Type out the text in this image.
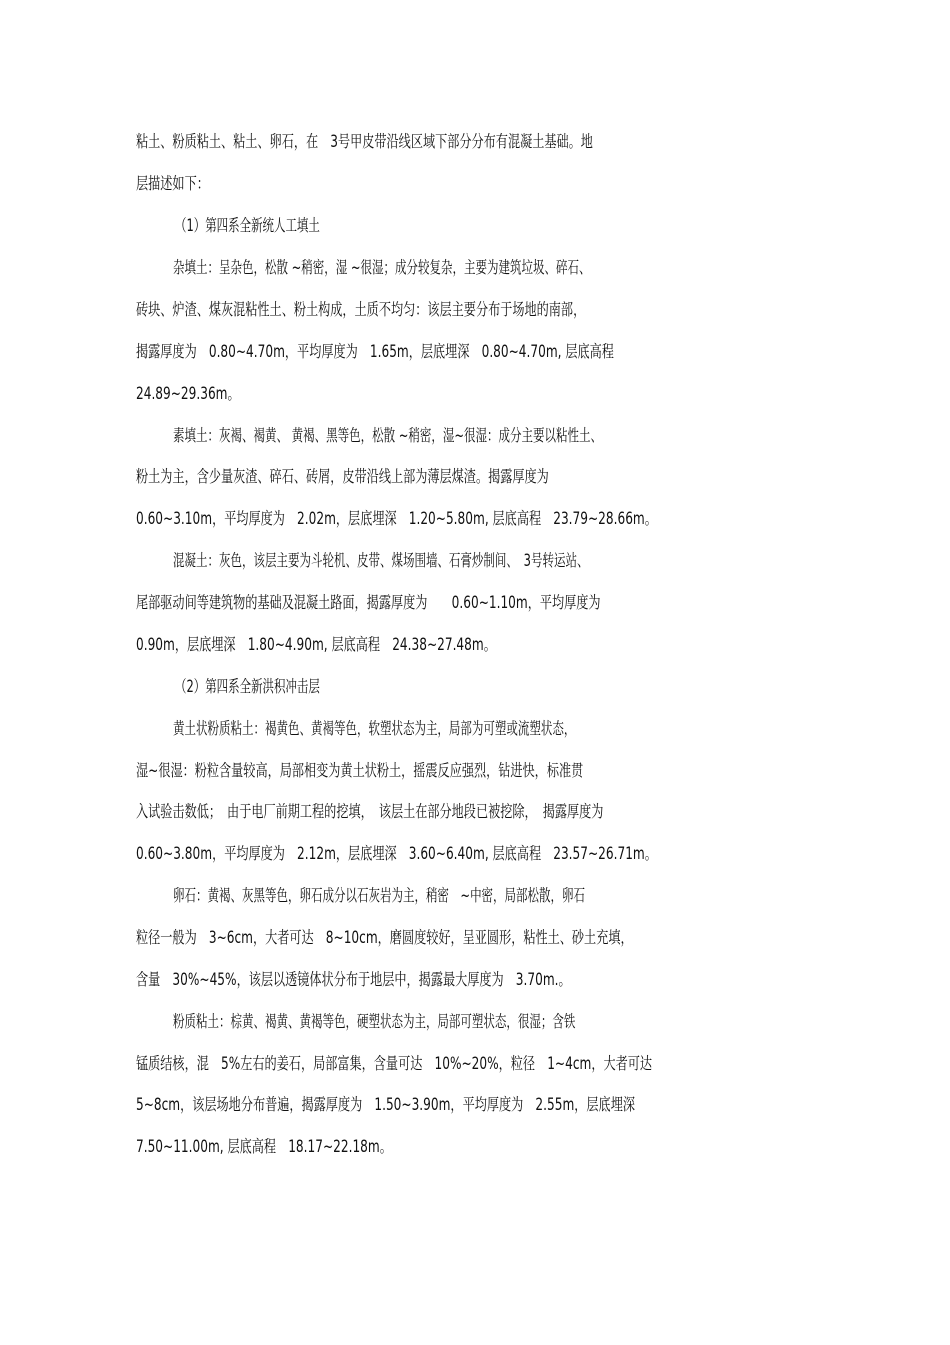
粘土、粉质粘土、粘土、卵石，在　3号甲皮带沿线区域下部分分布有混凝土基础。地
层描述如下：
（1）第四系全新统人工填土
杂填土：呈杂色，松散 ~稍密，湿 ~很湿；成分较复杂，主要为建筑垃圾、碎石、
砖块、炉渣、煤灰混粘性土、粉土构成，土质不均匀：该层主要分布于场地的南部，
揭露厚度为　0.80~4.70m，平均厚度为　1.65m，层底埋深　0.80~4.70m, 层底高程
24.89~29.36m。
素填土：灰褐、褐黄、 黄褐、黑等色，松散 ~稍密，湿~很湿：成分主要以粘性土、
粉土为主，含少量灰渣、碎石、砖屑，皮带沿线上部为薄层煤渣。揭露厚度为
0.60~3.10m，平均厚度为　2.02m，层底埋深　1.20~5.80m, 层底高程　23.79~28.66m。
混凝土：灰色，该层主要为斗轮机、皮带、煤场围墙、石膏炒制间、　3号转运站、
尾部驱动间等建筑物的基础及混凝土路面，揭露厚度为　　0.60~1.10m，平均厚度为
0.90m，层底埋深　1.80~4.90m, 层底高程　24.38~27.48m。
（2）第四系全新洪积冲击层
黄土状粉质粘土：褐黄色、黄褐等色，软塑状态为主，局部为可塑或流塑状态，
湿~很湿：粉粒含量较高，局部相变为黄土状粉土，摇震反应强烈，钻进快，标准贯
入试验击数低；　由于电厂前期工程的挖填，　该层土在部分地段已被挖除，　揭露厚度为
0.60~3.80m，平均厚度为　2.12m，层底埋深　3.60~6.40m, 层底高程　23.57~26.71m。
卵石：黄褐、灰黑等色，卵石成分以石灰岩为主，稍密　~中密，局部松散，卵石
粒径一般为　3~6cm，大者可达　8~10cm，磨圆度较好，呈亚圆形，粘性土、砂土充填，
含量　30%~45%，该层以透镜体状分布于地层中，揭露最大厚度为　3.70m.。
粉质粘土：棕黄、褐黄、黄褐等色，硬塑状态为主，局部可塑状态，很湿；含铁
锰质结核，混　5%左右的姜石，局部富集，含量可达　10%~20%，粒径　1~4cm，大者可达
5~8cm，该层场地分布普遍，揭露厚度为　1.50~3.90m，平均厚度为　2.55m，层底埋深
7.50~11.00m, 层底高程　18.17~22.18m。
